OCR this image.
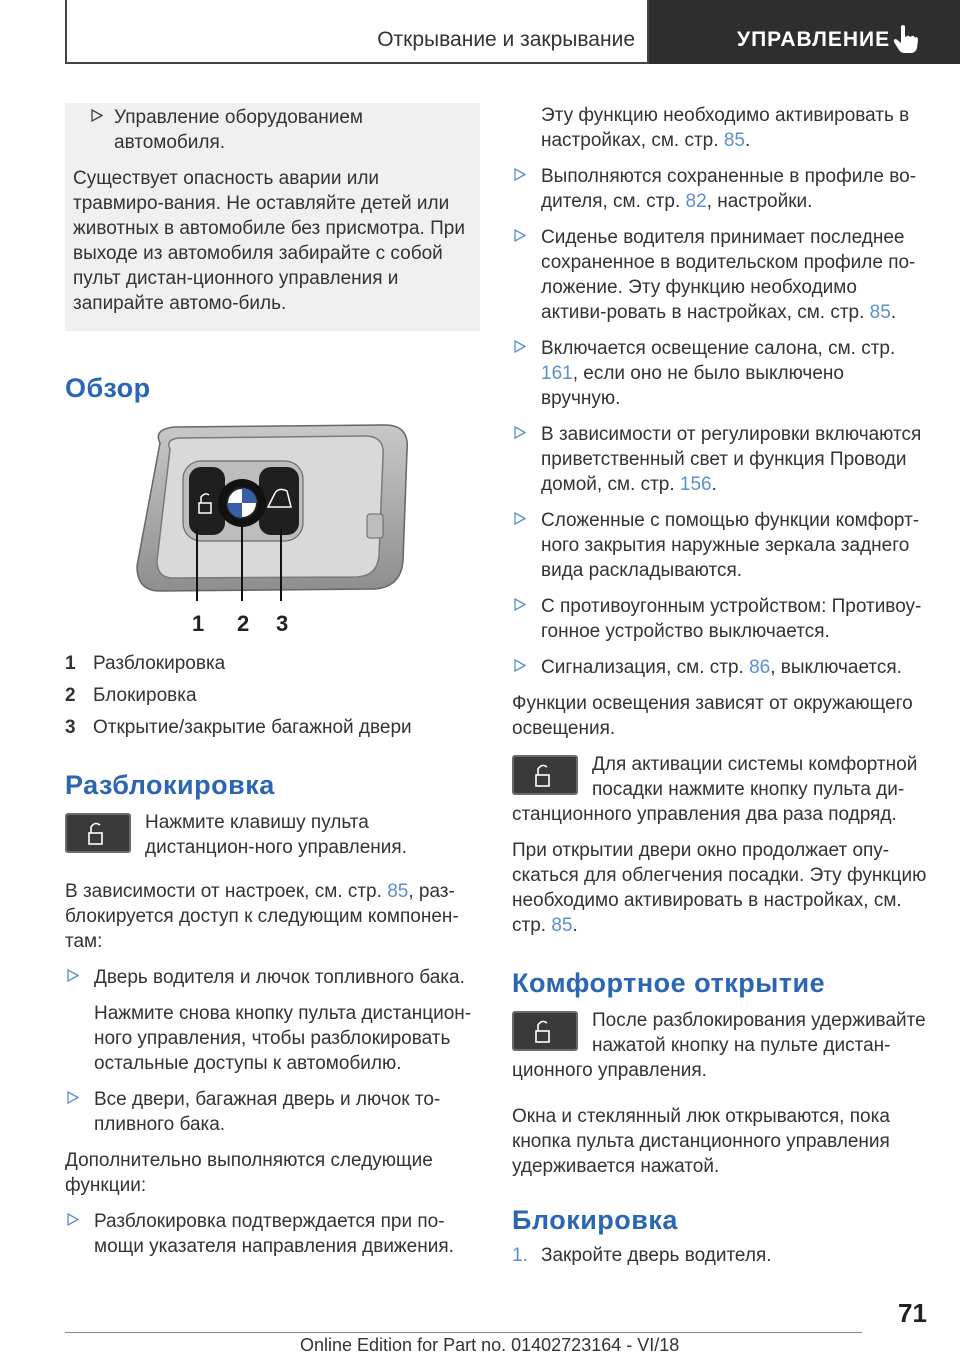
Открывание и закрывание	УПРАВЛЕНИЕ
Управление оборудованием автомобиля.
Существует опасность аварии или травмиро-вания. Не оставляйте детей или животных в автомобиле без присмотра. При выходе из автомобиля забирайте с собой пульт дистан-ционного управления и запирайте автомо-биль.
Обзор
1 2 3
1 Разблокировка
2 Блокировка
3 Открытие/закрытие багажной двери
Разблокировка
Нажмите клавишу пульта дистанцион-ного управления.
В зависимости от настроек, см. стр. 85, раз-блокируется доступ к следующим компонен-там:
Дверь водителя и лючок топливного бака.
Нажмите снова кнопку пульта дистанцион-ного управления, чтобы разблокировать остальные доступы к автомобилю.
Все двери, багажная дверь и лючок то-пливного бака.
Дополнительно выполняются следующие функции:
Разблокировка подтверждается при по-мощи указателя направления движения.
Эту функцию необходимо активировать в настройках, см. стр. 85.
Выполняются сохраненные в профиле во-дителя, см. стр. 82, настройки.
Сиденье водителя принимает последнее сохраненное в водительском профиле по-ложение. Эту функцию необходимо активи-ровать в настройках, см. стр. 85.
Включается освещение салона, см. стр. 161, если оно не было выключено вручную.
В зависимости от регулировки включаются приветственный свет и функция Проводи домой, см. стр. 156.
Сложенные с помощью функции комфорт-ного закрытия наружные зеркала заднего вида раскладываются.
С противоугонным устройством: Противоу-гонное устройство выключается.
Сигнализация, см. стр. 86, выключается.
Функции освещения зависят от окружающего освещения.
Для активации системы комфортной посадки нажмите кнопку пульта ди-станционного управления два раза подряд.
При открытии двери окно продолжает опу-скаться для облегчения посадки. Эту функцию необходимо активировать в настройках, см. стр. 85.
Комфортное открытие
После разблокирования удерживайте нажатой кнопку на пульте дистан-ционного управления.
Окна и стеклянный люк открываются, пока кнопка пульта дистанционного управления удерживается нажатой.
Блокировка
1. Закройте дверь водителя.
71
Online Edition for Part no. 01402723164 - VI/18
